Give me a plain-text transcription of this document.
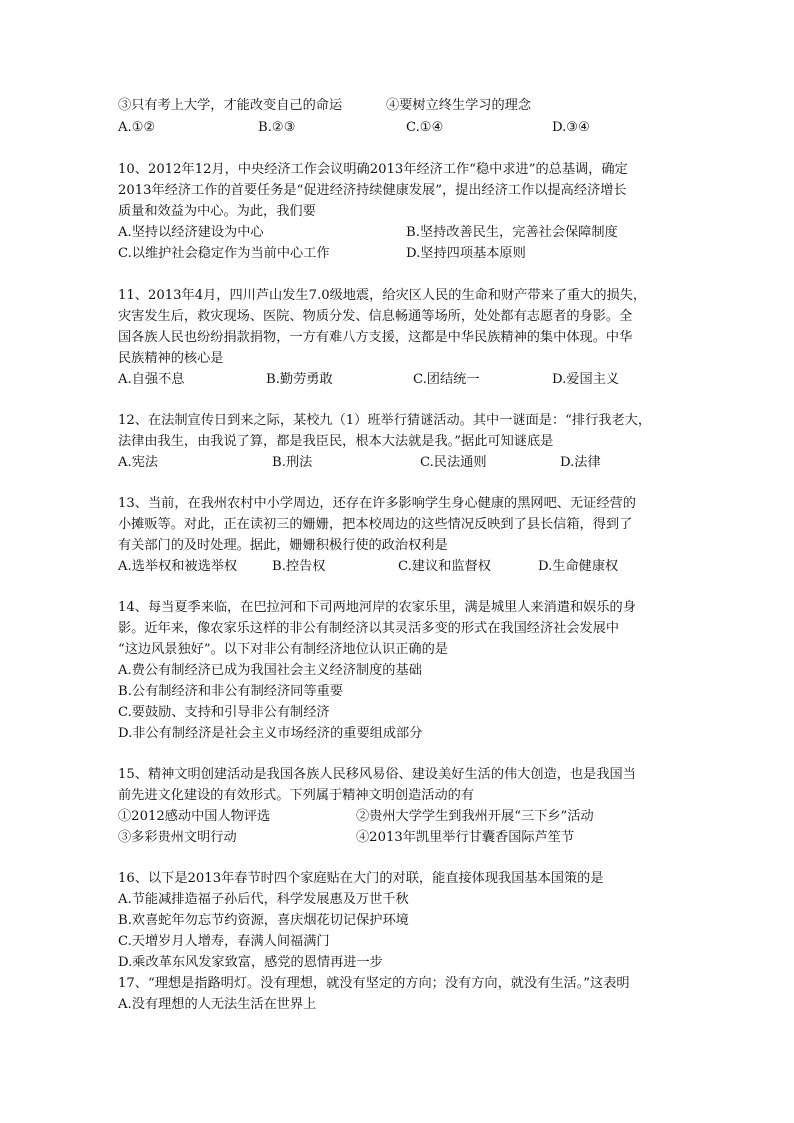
③只有考上大学，才能改变自己的命运	④要树立终生学习的理念
A.①②	B.②③	C.①④	D.③④
10、2012年12月，中央经济工作会议明确2013年经济工作“稳中求进”的总基调，确定
2013年经济工作的首要任务是“促进经济持续健康发展”，提出经济工作以提高经济增长
质量和效益为中心。为此，我们要
A.坚持以经济建设为中心	B.坚持改善民生，完善社会保障制度
C.以维护社会稳定作为当前中心工作	D.坚持四项基本原则
11、2013年4月，四川芦山发生7.0级地震，给灾区人民的生命和财产带来了重大的损失，
灾害发生后，救灾现场、医院、物质分发、信息畅通等场所，处处都有志愿者的身影。全
国各族人民也纷纷捐款捐物，一方有难八方支援，这都是中华民族精神的集中体现。中华
民族精神的核心是
A.自强不息	B.勤劳勇敢	C.团结统一	D.爱国主义
12、在法制宣传日到来之际，某校九（1）班举行猜谜活动。其中一谜面是：“排行我老大，
法律由我生，由我说了算，都是我臣民，根本大法就是我。”据此可知谜底是
A.宪法	B.刑法	C.民法通则	D.法律
13、当前，在我州农村中小学周边，还存在许多影响学生身心健康的黑网吧、无证经营的
小摊贩等。对此，正在读初三的姗姗，把本校周边的这些情况反映到了县长信箱，得到了
有关部门的及时处理。据此，姗姗积极行使的政治权利是
A.选举权和被选举权	B.控告权	C.建议和监督权	D.生命健康权
14、每当夏季来临，在巴拉河和下司两地河岸的农家乐里，满是城里人来消遣和娱乐的身
影。近年来，像农家乐这样的非公有制经济以其灵活多变的形式在我国经济社会发展中
“这边风景独好”。以下对非公有制经济地位认识正确的是
A.费公有制经济已成为我国社会主义经济制度的基础
B.公有制经济和非公有制经济同等重要
C.要鼓励、支持和引导非公有制经济
D.非公有制经济是社会主义市场经济的重要组成部分
15、精神文明创建活动是我国各族人民移风易俗、建设美好生活的伟大创造，也是我国当
前先进文化建设的有效形式。下列属于精神文明创造活动的有
①2012感动中国人物评选	②贵州大学学生到我州开展“三下乡”活动
③多彩贵州文明行动	④2013年凯里举行甘囊香国际芦笙节
16、以下是2013年春节时四个家庭贴在大门的对联，能直接体现我国基本国策的是
A.节能减排造福子孙后代，科学发展惠及万世千秋
B.欢喜蛇年勿忘节约资源，喜庆烟花切记保护环境
C.天增岁月人增寿，春满人间福满门
D.乘改革东风发家致富，感党的恩情再进一步
17、“理想是指路明灯。没有理想，就没有坚定的方向；没有方向，就没有生活。”这表明
A.没有理想的人无法生活在世界上
